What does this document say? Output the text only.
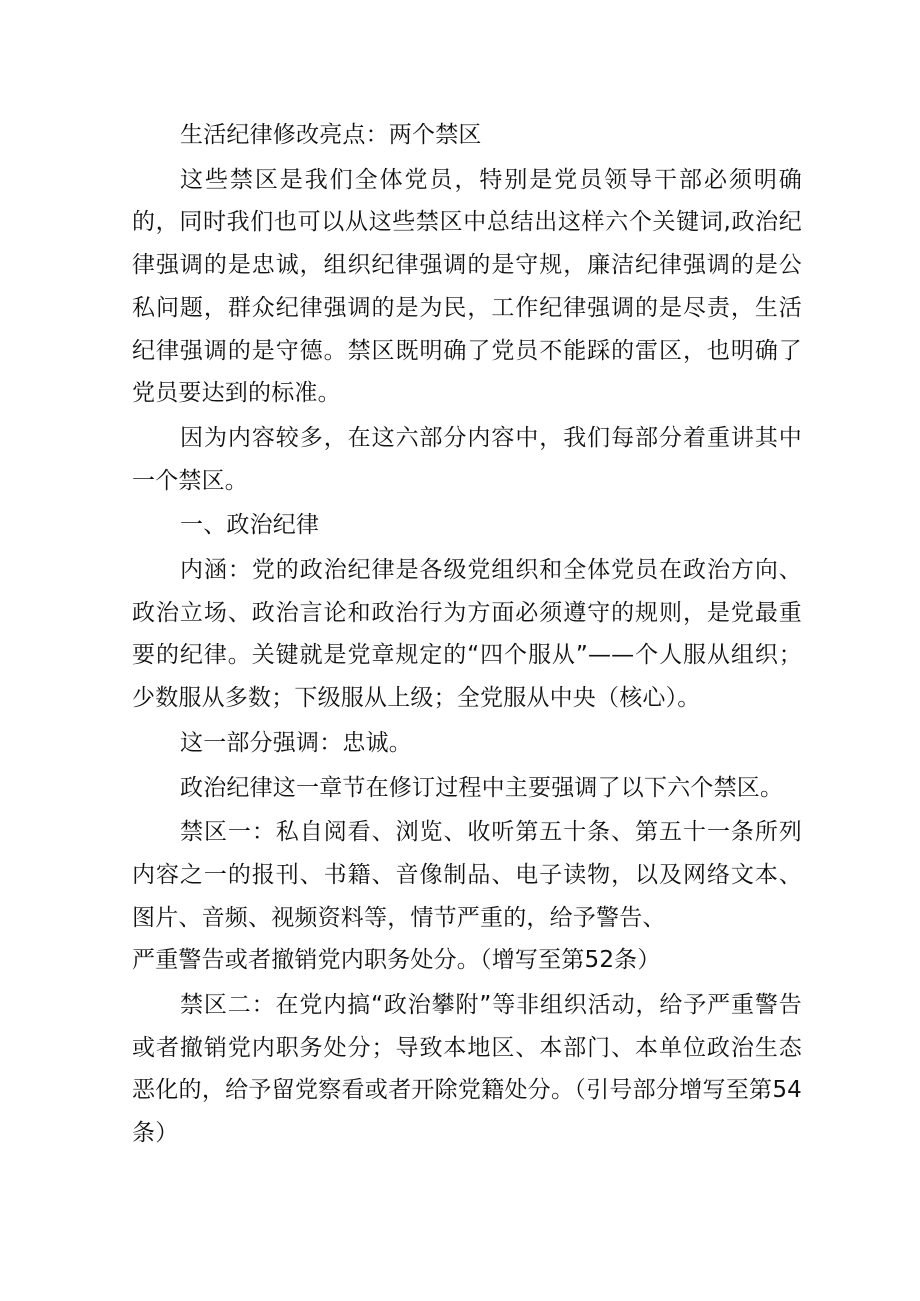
生活纪律修改亮点：两个禁区

这些禁区是我们全体党员，特别是党员领导干部必须明确的，同时我们也可以从这些禁区中总结出这样六个关键词,政治纪律强调的是忠诚，组织纪律强调的是守规，廉洁纪律强调的是公私问题，群众纪律强调的是为民，工作纪律强调的是尽责，生活纪律强调的是守德。禁区既明确了党员不能踩的雷区，也明确了党员要达到的标准。

因为内容较多，在这六部分内容中，我们每部分着重讲其中一个禁区。

一、政治纪律

内涵：党的政治纪律是各级党组织和全体党员在政治方向、政治立场、政治言论和政治行为方面必须遵守的规则，是党最重要的纪律。关键就是党章规定的“四个服从”——个人服从组织；少数服从多数；下级服从上级；全党服从中央（核心）。

这一部分强调：忠诚。

政治纪律这一章节在修订过程中主要强调了以下六个禁区。

禁区一：私自阅看、浏览、收听第五十条、第五十一条所列内容之一的报刊、书籍、音像制品、电子读物，以及网络文本、图片、音频、视频资料等，情节严重的，给予警告、

严重警告或者撤销党内职务处分。（增写至第52条）

禁区二：在党内搞“政治攀附”等非组织活动，给予严重警告或者撤销党内职务处分；导致本地区、本部门、本单位政治生态恶化的，给予留党察看或者开除党籍处分。（引号部分增写至第54条）
